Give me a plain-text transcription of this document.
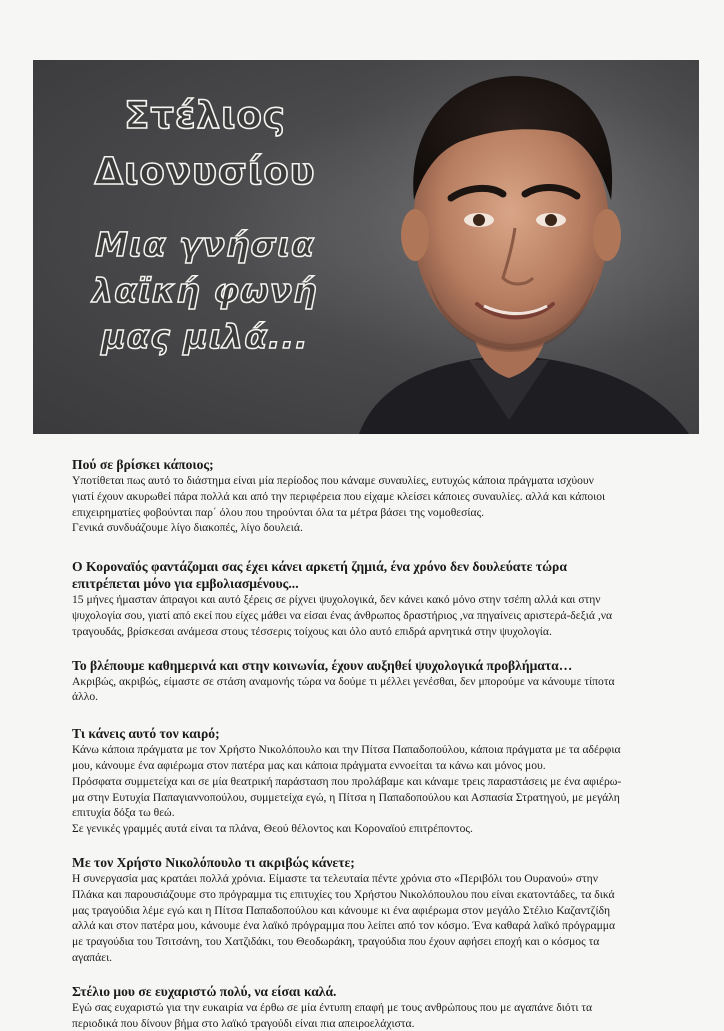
Στέλιος
Διονυσίου
Μια γνήσια
λαϊκή φωνή
μας μιλά...

Πού σε βρίσκει κάποιος;

Υποτίθεται πως αυτό το διάστημα είναι μία περίοδος που κάναμε συναυλίες, ευτυχώς κάποια πράγματα ισχύουν
γιατί έχουν ακυρωθεί πάρα πολλά και από την περιφέρεια που είχαμε κλείσει κάποιες συναυλίες. αλλά και κάποιοι
επιχειρηματίες φοβούνται παρ΄ όλου που τηρούνται όλα τα μέτρα βάσει της νομοθεσίας.
Γενικά συνδυάζουμε λίγο διακοπές, λίγο δουλειά.

Ο Κοροναϊός φαντάζομαι σας έχει κάνει αρκετή ζημιά, ένα χρόνο δεν δουλεύατε τώρα
επιτρέπεται μόνο για εμβολιασμένους...

15 μήνες ήμασταν άπραγοι και αυτό ξέρεις σε ρίχνει ψυχολογικά, δεν κάνει κακό μόνο στην τσέπη αλλά και στην
ψυχολογία σου, γιατί από εκεί που είχες μάθει να είσαι ένας άνθρωπος δραστήριος ,να πηγαίνεις αριστερά-δεξιά ,να
τραγουδάς, βρίσκεσαι ανάμεσα στους τέσσερις τοίχους και όλο αυτό επιδρά αρνητικά στην ψυχολογία.

Το βλέπουμε καθημερινά και στην κοινωνία, έχουν αυξηθεί ψυχολογικά προβλήματα…

Ακριβώς, ακριβώς, είμαστε σε στάση αναμονής τώρα να δούμε τι μέλλει γενέσθαι, δεν μπορούμε να κάνουμε τίποτα
άλλο.

Τι κάνεις αυτό τον καιρό;

Κάνω κάποια πράγματα με τον Χρήστο Νικολόπουλο και την Πίτσα Παπαδοπούλου, κάποια πράγματα με τα αδέρφια
μου, κάνουμε ένα αφιέρωμα στον πατέρα μας και κάποια πράγματα εννοείται τα κάνω και μόνος μου.
Πρόσφατα συμμετείχα και σε μία θεατρική παράσταση που προλάβαμε και κάναμε τρεις παραστάσεις με ένα αφιέρω-
μα στην Ευτυχία Παπαγιαννοπούλου, συμμετείχα εγώ, η Πίτσα η Παπαδοπούλου και Ασπασία Στρατηγού, με μεγάλη
επιτυχία δόξα τω θεώ.
Σε γενικές γραμμές αυτά είναι τα πλάνα, Θεού θέλοντος και Κοροναϊού επιτρέποντος.

Με τον Χρήστο Νικολόπουλο τι ακριβώς κάνετε;

Η συνεργασία μας κρατάει πολλά χρόνια. Είμαστε τα τελευταία πέντε χρόνια στο «Περιβόλι του Ουρανού» στην
Πλάκα και παρουσιάζουμε στο πρόγραμμα τις επιτυχίες του Χρήστου Νικολόπουλου που είναι εκατοντάδες, τα δικά
μας τραγούδια λέμε εγώ και η Πίτσα Παπαδοπούλου και κάνουμε κι ένα αφιέρωμα στον μεγάλο Στέλιο Καζαντζίδη
αλλά και στον πατέρα μου, κάνουμε ένα λαϊκό πρόγραμμα που λείπει από τον κόσμο. Ένα καθαρά λαϊκό πρόγραμμα
με τραγούδια του Τσιτσάνη, του Χατζιδάκι, του Θεοδωράκη, τραγούδια που έχουν αφήσει εποχή και ο κόσμος τα
αγαπάει.

Στέλιο μου σε ευχαριστώ πολύ, να είσαι καλά.

Εγώ σας ευχαριστώ για την ευκαιρία να έρθω σε μία έντυπη επαφή με τους ανθρώπους που με αγαπάνε διότι τα
περιοδικά που δίνουν βήμα στο λαϊκό τραγούδι είναι πια απειροελάχιστα.
